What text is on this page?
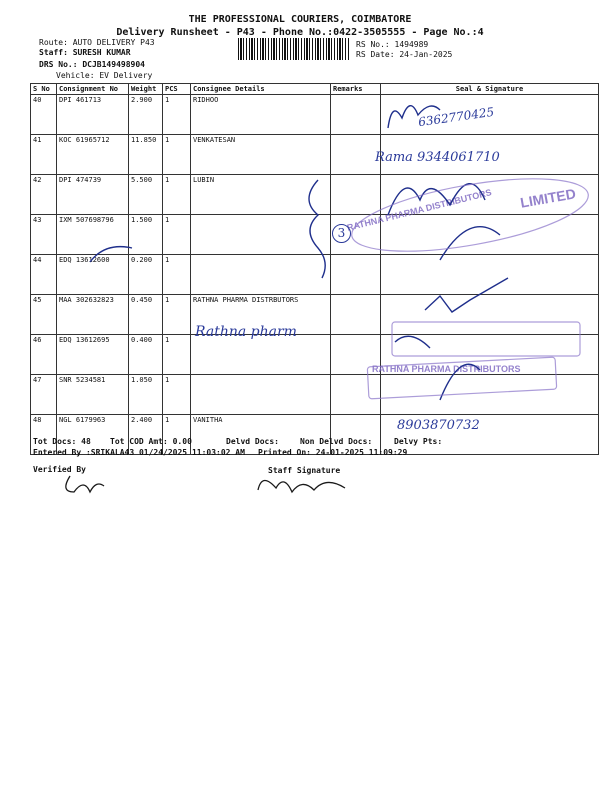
THE PROFESSIONAL COURIERS, COIMBATORE
Delivery Runsheet - P43 - Phone No.:0422-3505555 - Page No.:4
Route: AUTO DELIVERY P43
Staff: SURESH KUMAR
DRS No.: DCJB149498904
Vehicle: EV Delivery
RS No.: 1494989
RS Date: 24-Jan-2025
S No	Consignment No	Weight	PCS	Consignee Details	Remarks	Seal & Signature
40	DPI 461713	2.900	1	RIDHOO		
41	KOC 61965712	11.850	1	VENKATESAN		
42	DPI 474739	5.500	1	LUBIN		
43	IXM 507698796	1.500	1			
44	EDQ 13612600	0.200	1			
45	MAA 302632823	0.450	1	RATHNA PHARMA DISTRBUTORS		
46	EDQ 13612695	0.400	1			
47	SNR 5234581	1.050	1			
48	NGL 6179963	2.400	1	VANITHA		
6362770425
Rama 9344061710
RATHNA PHARMA DISTRIBUTORS LIMITED
3
Rathna pharm
RATHNA PHARMA DISTRIBUTORS
8903870732
Tot Docs: 48 Tot COD Amt: 0.00	Delvd Docs:	Non Delvd Docs:	Delvy Pts:
Entered By :SRIKALA43 01/24/2025 11:03:02 AM Printed On: 24-01-2025 11:09:29
Verified By	Staff Signature
